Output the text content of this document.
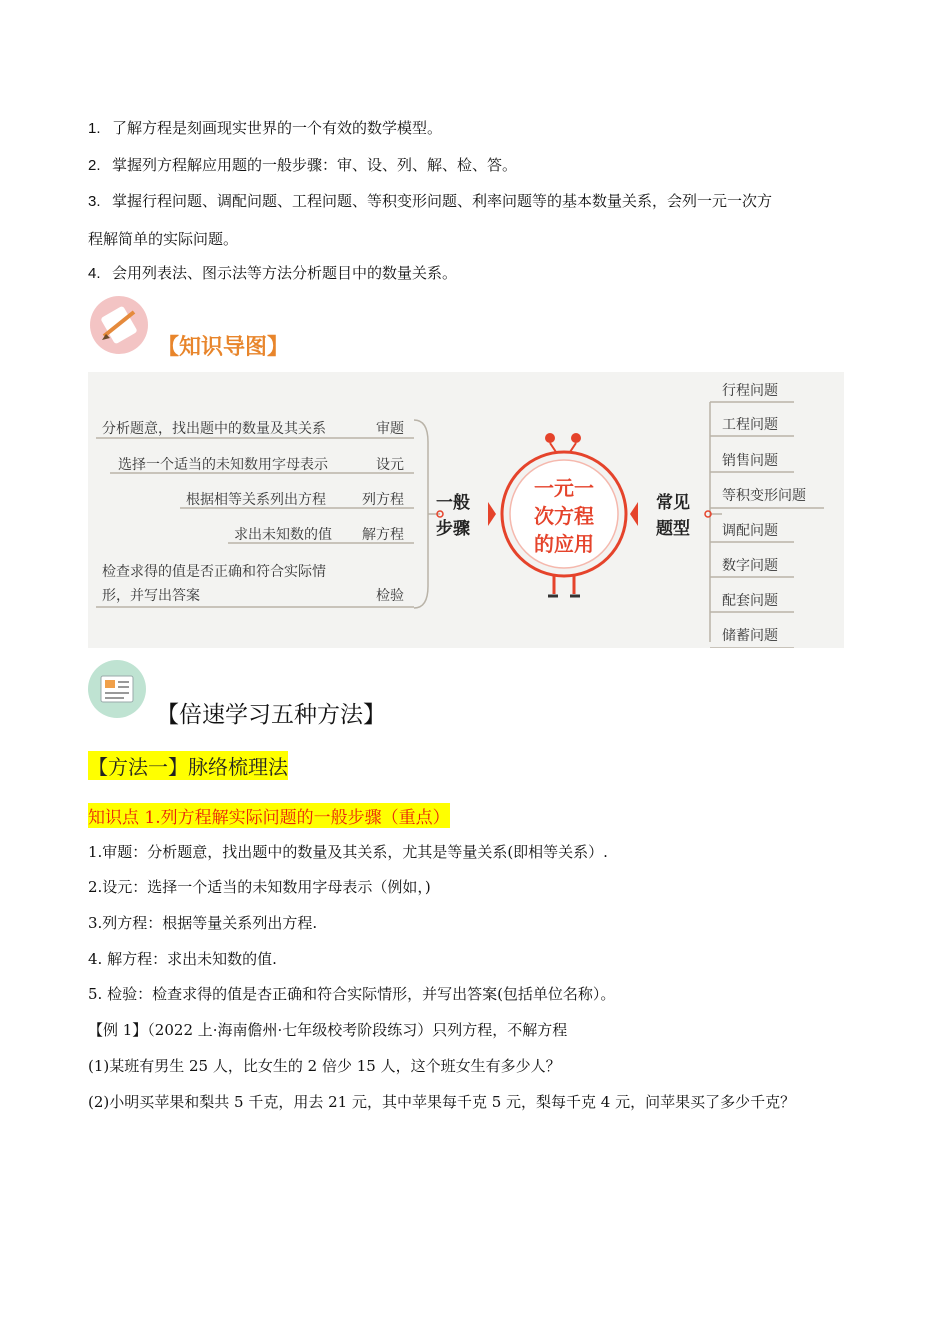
1. 了解方程是刻画现实世界的一个有效的数学模型。
2. 掌握列方程解应用题的一般步骤：审、设、列、解、检、答。
3. 掌握行程问题、调配问题、工程问题、等积变形问题、利率问题等的基本数量关系，会列一元一次方
程解简单的实际问题。
4. 会用列表法、图示法等方法分析题目中的数量关系。
【知识导图】
分析题意，找出题中的数量及其关系	审题
选择一个适当的未知数用字母表示	设元
根据相等关系列出方程	列方程
求出未知数的值 解方程
检查求得的值是否正确和符合实际情
形，并写出答案	检验
一般
步骤
一元一
次方程
的应用
常见
题型
行程问题
工程问题
销售问题
等积变形问题
调配问题
数字问题
配套问题
储蓄问题
【倍速学习五种方法】
【方法一】脉络梳理法
知识点 1.列方程解实际问题的一般步骤（重点）
1.审题：分析题意，找出题中的数量及其关系，尤其是等量关系(即相等关系）.
2.设元：选择一个适当的未知数用字母表示（例如，)
3.列方程：根据等量关系列出方程.
4. 解方程：求出未知数的值.
5. 检验：检查求得的值是杏正确和符合实际情形，并写出答案(包括单位名称）。
【例 1】（2022 上·海南儋州·七年级校考阶段练习）只列方程，不解方程
(1)某班有男生 25 人，比女生的 2 倍少 15 人，这个班女生有多少人？
(2)小明买苹果和梨共 5 千克，用去 21 元，其中苹果每千克 5 元，梨每千克 4 元，问苹果买了多少千克？
